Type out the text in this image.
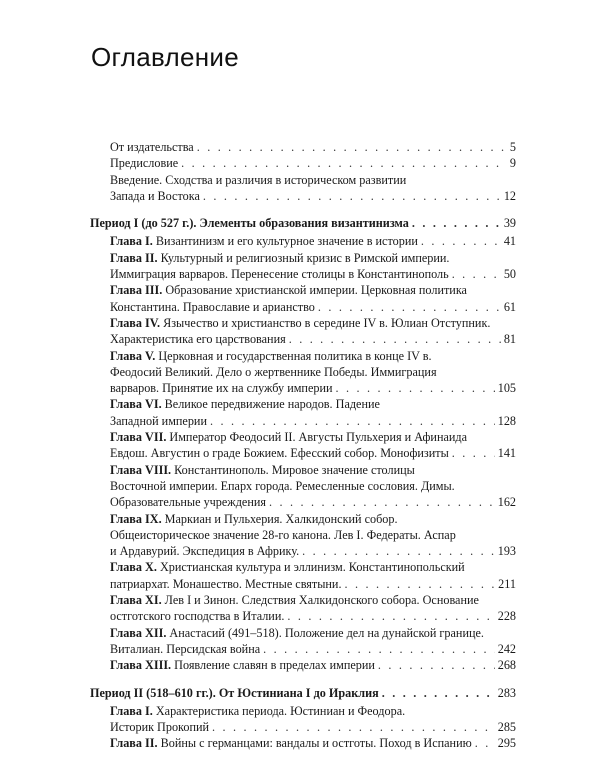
Оглавление
От издательства . . .	5
Предисловие . . .	9
Введение. Сходства и различия в историческом развитии
Запада и Востока . . .	12
Период I (до 527 г.). Элементы образования византинизма . . .	39
Глава I. Византинизм и его культурное значение в истории . . .	41
Глава II. Культурный и религиозный кризис в Римской империи.
Иммиграция варваров. Перенесение столицы в Константинополь . . .	50
Глава III. Образование христианской империи. Церковная политика
Константина. Православие и арианство . . .	61
Глава IV. Язычество и христианство в середине IV в. Юлиан Отступник.
Характеристика его царствования . . .	81
Глава V. Церковная и государственная политика в конце IV в.
Феодосий Великий. Дело о жертвеннике Победы. Иммиграция
варваров. Принятие их на службу империи . . .	105
Глава VI. Великое передвижение народов. Падение
Западной империи . . .	128
Глава VII. Император Феодосий II. Августы Пульхерия и Афинаида
Евдош. Августин о граде Божием. Ефесский собор. Монофизиты . . .	141
Глава VIII. Константинополь. Мировое значение столицы
Восточной империи. Епарх города. Ремесленные сословия. Димы.
Образовательные учреждения . . .	162
Глава IX. Маркиан и Пульхерия. Халкидонский собор.
Общеисторическое значение 28-го канона. Лев I. Федераты. Аспар
и Ардавурий. Экспедиция в Африку. . . .	193
Глава X. Христианская культура и эллинизм. Константинопольский
патриархат. Монашество. Местные святыни. . . .	211
Глава XI. Лев I и Зинон. Следствия Халкидонского собора. Основание
остготского господства в Италии. . . .	228
Глава XII. Анастасий (491–518). Положение дел на дунайской границе.
Виталиан. Персидская война . . .	242
Глава XIII. Появление славян в пределах империи . . .	268
Период II (518–610 гг.). От Юстиниана I до Ираклия . . .	283
Глава I. Характеристика периода. Юстиниан и Феодора.
Историк Прокопий . . .	285
Глава II. Войны с германцами: вандалы и остготы. Поход в Испанию . . . 295
